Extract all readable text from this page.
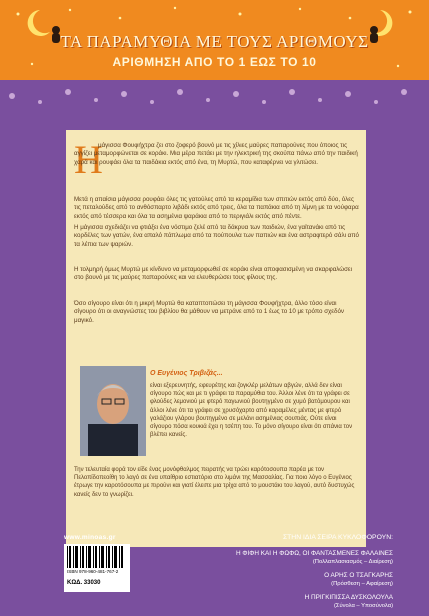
ΤΑ ΠΑΡΑΜΥΘΙΑ ΜΕ ΤΟΥΣ ΑΡΙΘΜΟΥΣ
ΑΡΙΘΜΗΣΗ ΑΠΟ ΤΟ 1 ΕΩΣ ΤΟ 10
Η
μάγισσα Φουφήχτρα ζει στο ζοφερό βουνό με τις χίλιες μαύρες παπαρούνες που όποιος τις αγγίζει μεταμορφώνεται σε κοράκι. Μια μέρα πετάει με την ηλεκτρική της σκούπα πάνω από την παιδική χαρά και ρουφάει όλα τα παιδάκια εκτός από ένα, τη Μυρτώ, που καταφέρνει να γλιτώσει.
Μετά η απαίσια μάγισσα ρουφάει όλες τις γατούλες από τα κεραμίδια των σπιτιών εκτός από δύο, όλες τις πεταλούδες από το ανθόσπαρτο λιβάδι εκτός από τρεις, όλα τα παπάκια από τη λίμνη με τα νούφαρα εκτός από τέσσερα και όλα τα ασημένια ψαράκια από το περιγιάλι εκτός από πέντε.
Η μάγισσα σχεδιάζει να φτιάξει ένα νόστιμο ζελέ από τα δάκρυα των παιδιών, ένα γαϊτανάκι από τις κορδέλες των γατών, ένα απαλό πάπλωμα από τα πούπουλα των παπιών και ένα αστραφτερό σάλι από τα λέπια των ψαριών.
Η τολμηρή όμως Μυρτώ με κίνδυνο να μεταμορφωθεί σε κοράκι είναι αποφασισμένη να σκαρφαλώσει στο βουνό με τις μαύρες παπαρούνες και να ελευθερώσει τους φίλους της.
Όσο σίγουρο είναι ότι η μικρή Μυρτώ θα καταπτοπώσει τη μάγισσα Φουφήχτρα, άλλο τόσο είναι σίγουρο ότι οι αναγνώστες του βιβλίου θα μάθουν να μετράνε από το 1 έως το 10 με τρόπο σχεδόν μαγικό.
Ο Ευγένιος Τριβιζάς...
είναι εξερευνητής, εφευρέτης και ζογκλέρ μελάτων αβγών, αλλά δεν είναι σίγουρο πώς και με τι γράφει τα παραμύθια του. Άλλοι λένε ότι τα γράφει σε φλούδες λεμονιού με φτερό παγωνιού βουτηγμένο σε χυμό βατόμουρου και άλλοι λένε ότι τα γράφει σε χρυσόχαρτο από καραμέλες μέντας με φτερό γαλάζιου γλάρου βουτηγμένο σε μελάνι ασημένιας σουπιάς. Ούτε είναι σίγουρο πόσα κουκιά έχει η τσέπη του. Το μόνο σίγουρο είναι ότι σπάνια τον βλέπει κανείς.
Την τελευταία φορά τον είδε ένας μονόφθαλμος πειρατής να τρώει καρότοσουπα παρέα με τον Πελοπίδοπεοίθη το λαγό σε ένα υπαίθριο εστιατόριο στο λιμάνι της Μασσαλίας. Για ποιο λόγο ο Ευγένιος έτρωγε την καροτόσουπα με πιρούνι και γιατί έλειπε μια τρίχα από το μουστάκι του λαγού, αυτό δυστυχώς κανείς δεν το γνωρίζει.
www.minoas.gr
ISBN 978-960-481-767-2
ΚΩΔ. 33030
ΣΤΗΝ ΙΔΙΑ ΣΕΙΡΑ ΚΥΚΛΟΦΟΡΟΥΝ:
Η ΦΙΦΗ ΚΑΙ Η ΦΩΦΩ, ΟΙ ΦΑΝΤΑΣΜΕΝΕΣ ΦΑΛΑΙΝΕΣ
(Πολλαπλασιασμός – Διαίρεση)
Ο ΑΡΗΣ Ο ΤΣΑΓΚΑΡΗΣ
(Πρόσθεση – Αφαίρεση)
Η ΠΡΙΓΚΙΠΙΣΣΑ ΔΥΣΚΟΛΟΥΛΑ
(Σύνολα – Υποσύνολα)
